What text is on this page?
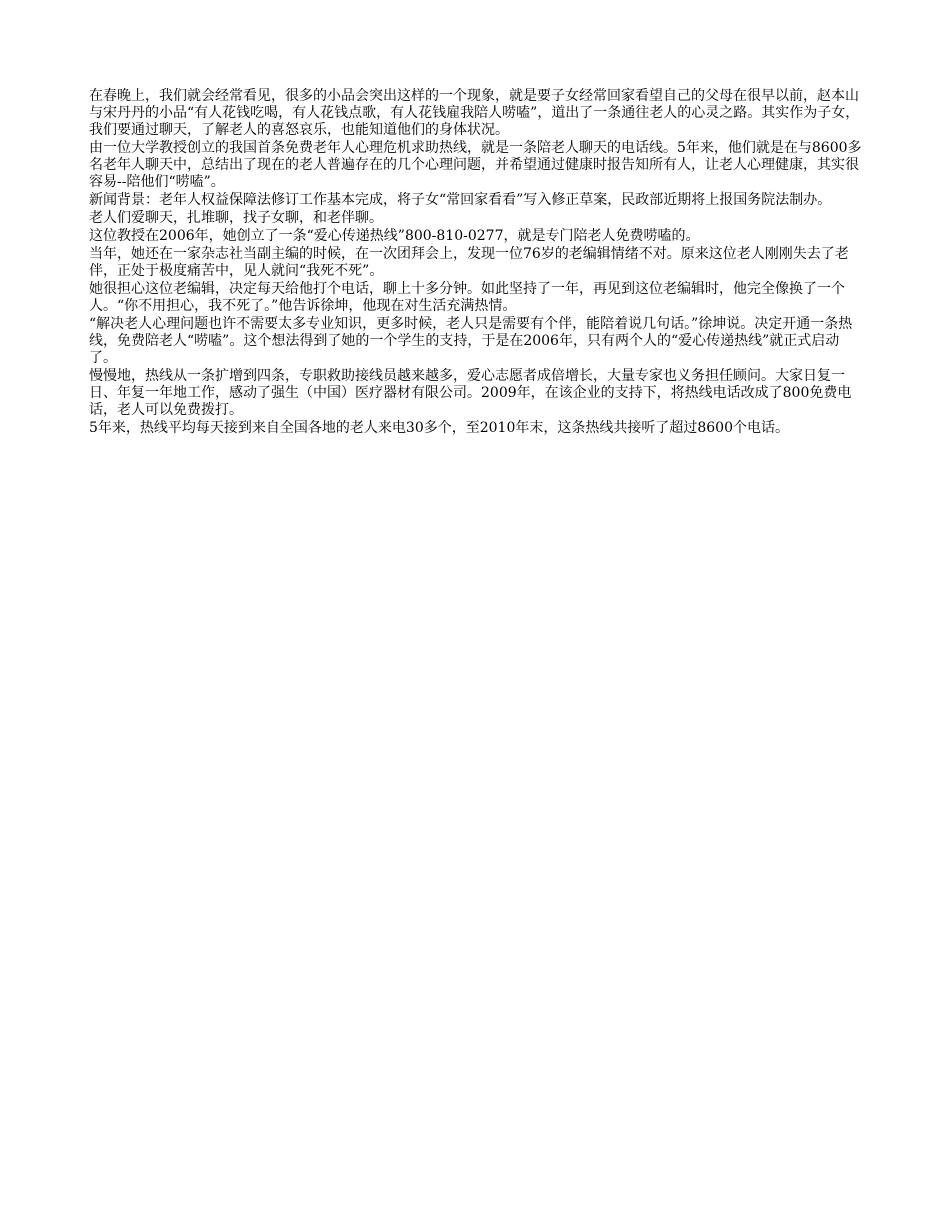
在春晚上，我们就会经常看见，很多的小品会突出这样的一个现象，就是要子女经常回家看望自己的父母在很早以前，赵本山与宋丹丹的小品“有人花钱吃喝，有人花钱点歌，有人花钱雇我陪人唠嗑”，道出了一条通往老人的心灵之路。其实作为子女，我们要通过聊天，了解老人的喜怒哀乐，也能知道他们的身体状况。

由一位大学教授创立的我国首条免费老年人心理危机求助热线，就是一条陪老人聊天的电话线。5年来，他们就是在与8600多名老年人聊天中，总结出了现在的老人普遍存在的几个心理问题，并希望通过健康时报告知所有人，让老人心理健康，其实很容易--陪他们“唠嗑”。

新闻背景：老年人权益保障法修订工作基本完成，将子女“常回家看看”写入修正草案，民政部近期将上报国务院法制办。

老人们爱聊天，扎堆聊，找子女聊，和老伴聊。

这位教授在2006年，她创立了一条“爱心传递热线”800-810-0277，就是专门陪老人免费唠嗑的。

当年，她还在一家杂志社当副主编的时候，在一次团拜会上，发现一位76岁的老编辑情绪不对。原来这位老人刚刚失去了老伴，正处于极度痛苦中，见人就问“我死不死”。

她很担心这位老编辑，决定每天给他打个电话，聊上十多分钟。如此坚持了一年，再见到这位老编辑时，他完全像换了一个人。“你不用担心，我不死了。”他告诉徐坤，他现在对生活充满热情。

“解决老人心理问题也许不需要太多专业知识，更多时候，老人只是需要有个伴，能陪着说几句话。”徐坤说。决定开通一条热线，免费陪老人“唠嗑”。这个想法得到了她的一个学生的支持，于是在2006年，只有两个人的“爱心传递热线”就正式启动了。

慢慢地，热线从一条扩增到四条，专职救助接线员越来越多，爱心志愿者成倍增长，大量专家也义务担任顾问。大家日复一日、年复一年地工作，感动了强生（中国）医疗器材有限公司。2009年，在该企业的支持下，将热线电话改成了800免费电话，老人可以免费拨打。

5年来，热线平均每天接到来自全国各地的老人来电30多个，至2010年末，这条热线共接听了超过8600个电话。
